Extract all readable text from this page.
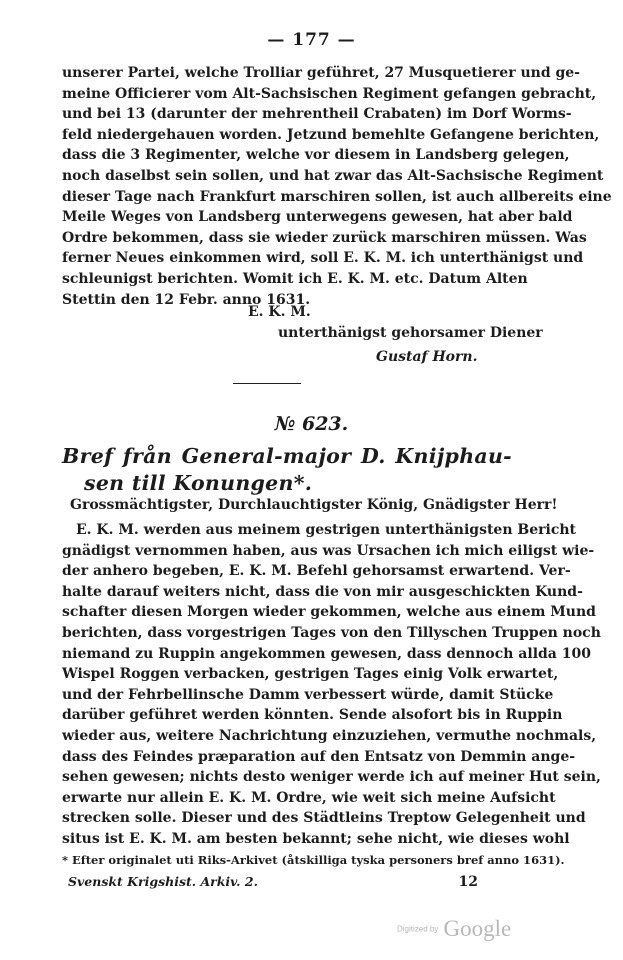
— 177 —
unserer Partei, welche Trolliar geführet, 27 Musquetierer und ge-
meine Officierer vom Alt-Sachsischen Regiment gefangen gebracht,
und bei 13 (darunter der mehrentheil Crabaten) im Dorf Worms-
feld niedergehauen worden. Jetzund bemehlte Gefangene berichten,
dass die 3 Regimenter, welche vor diesem in Landsberg gelegen,
noch daselbst sein sollen, und hat zwar das Alt-Sachsische Regiment
dieser Tage nach Frankfurt marschiren sollen, ist auch allbereits eine
Meile Weges von Landsberg unterwegens gewesen, hat aber bald
Ordre bekommen, dass sie wieder zurück marschiren müssen. Was
ferner Neues einkommen wird, soll E. K. M. ich unterthänigst und
schleunigst berichten. Womit ich E. K. M. etc. Datum Alten
Stettin den 12 Febr. anno 1631.
E. K. M.
unterthänigst gehorsamer Diener
Gustaf Horn.
№ 623.
Bref från General-major D. Knijphau-
sen till Konungen*.
Grossmächtigster, Durchlauchtigster König, Gnädigster Herr!
E. K. M. werden aus meinem gestrigen unterthänigsten Bericht
gnädigst vernommen haben, aus was Ursachen ich mich eiligst wie-
der anhero begeben, E. K. M. Befehl gehorsamst erwartend. Ver-
halte darauf weiters nicht, dass die von mir ausgeschickten Kund-
schafter diesen Morgen wieder gekommen, welche aus einem Mund
berichten, dass vorgestrigen Tages von den Tillyschen Truppen noch
niemand zu Ruppin angekommen gewesen, dass dennoch allda 100
Wispel Roggen verbacken, gestrigen Tages einig Volk erwartet,
und der Fehrbellinsche Damm verbessert würde, damit Stücke
darüber geführet werden könnten. Sende alsofort bis in Ruppin
wieder aus, weitere Nachrichtung einzuziehen, vermuthe nochmals,
dass des Feindes præparation auf den Entsatz von Demmin ange-
sehen gewesen; nichts desto weniger werde ich auf meiner Hut sein,
erwarte nur allein E. K. M. Ordre, wie weit sich meine Aufsicht
strecken solle. Dieser und des Städtleins Treptow Gelegenheit und
situs ist E. K. M. am besten bekannt; sehe nicht, wie dieses wohl
* Efter originalet uti Riks-Arkivet (åtskilliga tyska personers bref anno 1631).
Svenskt Krigshist. Arkiv. 2.	12
Digitized by Google
